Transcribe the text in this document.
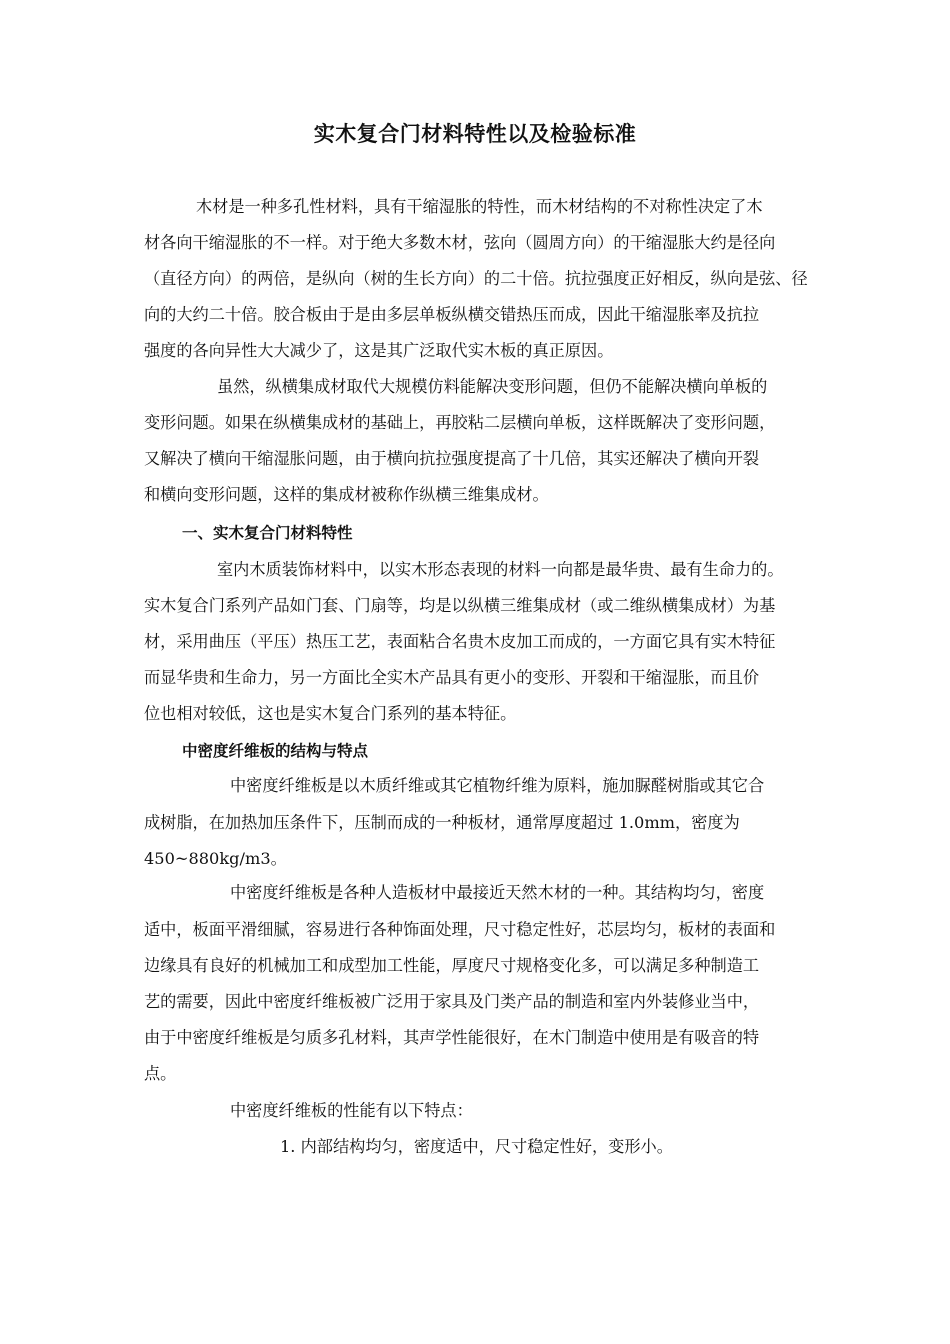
实木复合门材料特性以及检验标准
木材是一种多孔性材料，具有干缩湿胀的特性，而木材结构的不对称性决定了木
材各向干缩湿胀的不一样。对于绝大多数木材，弦向（圆周方向）的干缩湿胀大约是径向
（直径方向）的两倍，是纵向（树的生长方向）的二十倍。抗拉强度正好相反，纵向是弦、径
向的大约二十倍。胶合板由于是由多层单板纵横交错热压而成，因此干缩湿胀率及抗拉
强度的各向异性大大减少了，这是其广泛取代实木板的真正原因。
虽然，纵横集成材取代大规模仿料能解决变形问题，但仍不能解决横向单板的
变形问题。如果在纵横集成材的基础上，再胶粘二层横向单板，这样既解决了变形问题，
又解决了横向干缩湿胀问题，由于横向抗拉强度提高了十几倍，其实还解决了横向开裂
和横向变形问题，这样的集成材被称作纵横三维集成材。
一、实木复合门材料特性
室内木质装饰材料中，以实木形态表现的材料一向都是最华贵、最有生命力的。
实木复合门系列产品如门套、门扇等，均是以纵横三维集成材（或二维纵横集成材）为基
材，采用曲压（平压）热压工艺，表面粘合名贵木皮加工而成的，一方面它具有实木特征
而显华贵和生命力，另一方面比全实木产品具有更小的变形、开裂和干缩湿胀，而且价
位也相对较低，这也是实木复合门系列的基本特征。
中密度纤维板的结构与特点
中密度纤维板是以木质纤维或其它植物纤维为原料，施加脲醛树脂或其它合
成树脂，在加热加压条件下，压制而成的一种板材，通常厚度超过 1.0mm，密度为
450~880kg/m3。
中密度纤维板是各种人造板材中最接近天然木材的一种。其结构均匀，密度
适中，板面平滑细腻，容易进行各种饰面处理，尺寸稳定性好，芯层均匀，板材的表面和
边缘具有良好的机械加工和成型加工性能，厚度尺寸规格变化多，可以满足多种制造工
艺的需要，因此中密度纤维板被广泛用于家具及门类产品的制造和室内外装修业当中，
由于中密度纤维板是匀质多孔材料，其声学性能很好，在木门制造中使用是有吸音的特
点。
中密度纤维板的性能有以下特点：
1. 内部结构均匀，密度适中，尺寸稳定性好，变形小。
